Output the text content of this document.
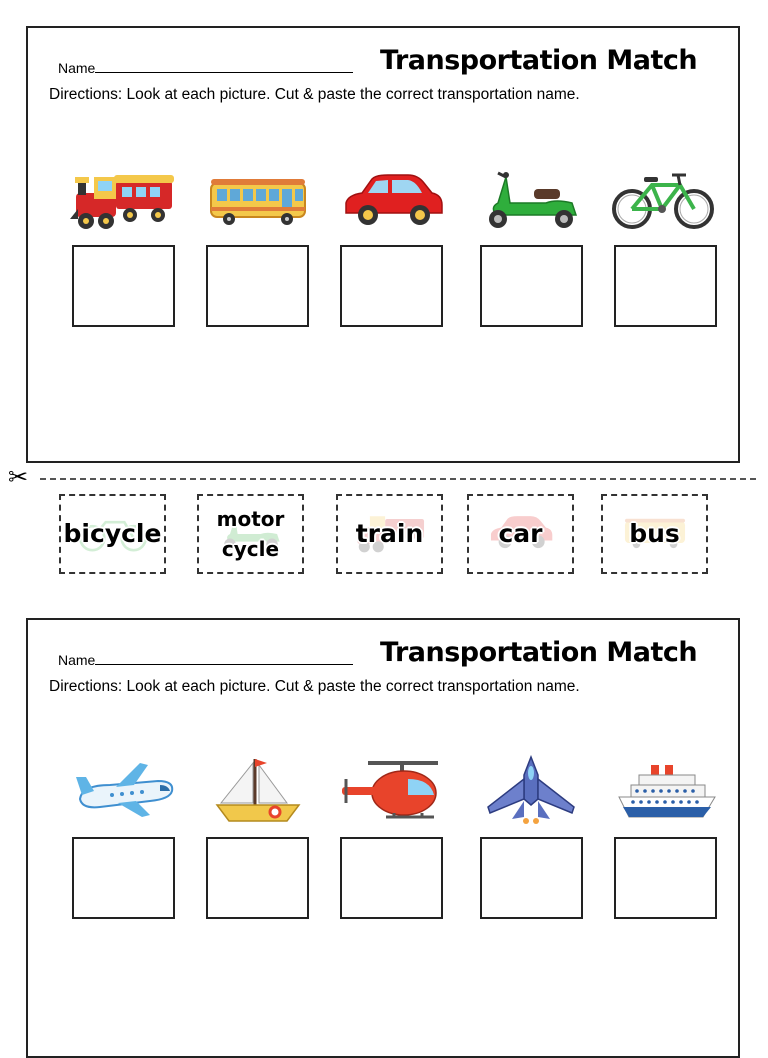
Name	Transportation Match
Directions: Look at each picture. Cut & paste the correct transportation name.
✂
bicycle	motor
cycle
train	car	bus
Name	Transportation Match
Directions: Look at each picture. Cut & paste the correct transportation name.
